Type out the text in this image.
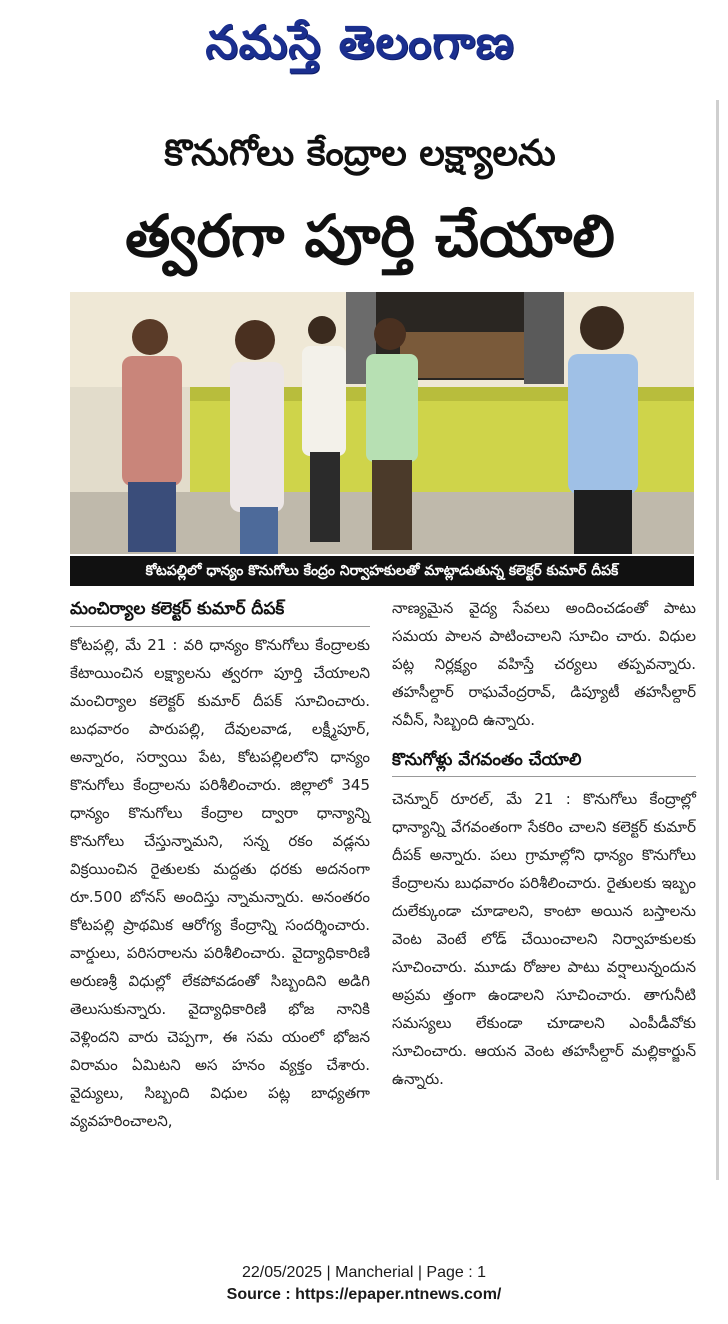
నమస్తే తెలంగాణ
కొనుగోలు కేంద్రాల లక్ష్యాలను
త్వరగా పూర్తి చేయాలి
కోటపల్లిలో ధాన్యం కొనుగోలు కేంద్రం నిర్వాహకులతో మాట్లాడుతున్న కలెక్టర్ కుమార్ దీపక్
మంచిర్యాల కలెక్టర్ కుమార్ దీపక్

కోటపల్లి, మే 21 : వరి ధాన్యం కొనుగోలు కేంద్రాలకు కేటాయించిన లక్ష్యాలను త్వరగా పూర్తి చేయాలని మంచిర్యాల కలెక్టర్ కుమార్ దీపక్ సూచించారు. బుధవారం పారుపల్లి, దేవులవాడ, లక్ష్మీపూర్, అన్నారం, సర్వాయి పేట, కోటపల్లిలలోని ధాన్యం కొనుగోలు కేంద్రాలను పరిశీలించారు. జిల్లాలో 345 ధాన్యం కొనుగోలు కేంద్రాల ద్వారా ధాన్యాన్ని కొనుగోలు చేస్తున్నామని, సన్న రకం వడ్లను విక్రయించిన రైతులకు మద్దతు ధరకు అదనంగా రూ.500 బోనస్ అందిస్తు న్నామన్నారు. అనంతరం కోటపల్లి ప్రాథమిక ఆరోగ్య కేంద్రాన్ని సందర్శించారు. వార్డులు, పరిసరాలను పరిశీలించారు. వైద్యాధికారిణి అరుణశ్రీ విధుల్లో లేకపోవడంతో సిబ్బందిని అడిగి తెలుసుకున్నారు. వైద్యాధికారిణి భోజ నానికి వెళ్లిందని వారు చెప్పగా, ఈ సమ యంలో భోజన విరామం ఏమిటని అస హనం వ్యక్తం చేశారు. వైద్యులు, సిబ్బంది విధుల పట్ల బాధ్యతగా వ్యవహరించాలని,

నాణ్యమైన వైద్య సేవలు అందించడంతో పాటు సమయ పాలన పాటించాలని సూచిం చారు. విధుల పట్ల నిర్లక్ష్యం వహిస్తే చర్యలు తప్పవన్నారు. తహసీల్దార్ రాఘవేంద్రరావ్, డిప్యూటీ తహసీల్దార్ నవీన్, సిబ్బంది ఉన్నారు.

కొనుగోళ్లు వేగవంతం చేయాలి

చెన్నూర్ రూరల్, మే 21 : కొనుగోలు కేంద్రాల్లో ధాన్యాన్ని వేగవంతంగా సేకరిం చాలని కలెక్టర్ కుమార్ దీపక్ అన్నారు. పలు గ్రామాల్లోని ధాన్యం కొనుగోలు కేంద్రాలను బుధవారం పరిశీలించారు. రైతులకు ఇబ్బం దులేక్కుండా చూడాలని, కాంటా అయిన బస్తాలను వెంట వెంటే లోడ్ చేయించాలని నిర్వాహకులకు సూచించారు. మూడు రోజుల పాటు వర్షాలున్నందున అప్రమ త్తంగా ఉండాలని సూచించారు. తాగునీటి సమస్యలు లేకుండా చూడాలని ఎంపీడీవోకు సూచించారు. ఆయన వెంట తహసీల్దార్ మల్లికార్జున్ ఉన్నారు.

22/05/2025 | Mancherial | Page : 1
Source : https://epaper.ntnews.com/
